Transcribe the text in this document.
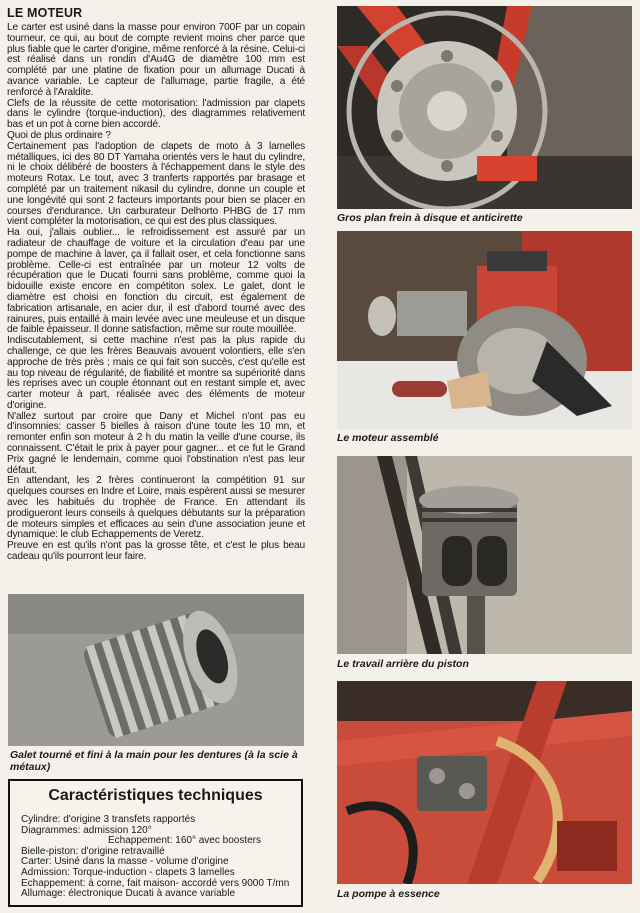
LE MOTEUR

Le carter est usiné dans la masse pour environ 700F par un copain tourneur, ce qui, au bout de compte revient moins cher parce que plus fiable que le carter d'origine, même renforcé à la résine. Celui-ci est réalisé dans un rondin d'Au4G de diamètre 100 mm est complété par une platine de fixation pour un allumage Ducati à avance variable. Le capteur de l'allumage, partie fragile, a été renforcé à l'Araldite.

Clefs de la réussite de cette motorisation: l'admission par clapets dans le cylindre (torque-induction), des diagrammes relativement bas et un pot à corne bien accordé.

Quoi de plus ordinaire ?

Certainement pas l'adoption de clapets de moto à 3 lamelles métalliques, ici des 80 DT Yamaha orientés vers le haut du cylindre, ni le choix délibéré de boosters à l'échappement dans le style des moteurs Rotax. Le tout, avec 3 tranferts rapportés par brasage et complété par un traitement nikasil du cylindre, donne un couple et une longévité qui sont 2 facteurs importants pour bien se placer en courses d'endurance. Un carburateur Delhorto PHBG de 17 mm vient compléter la motorisation, ce qui est des plus classiques.

Ha oui, j'allais oublier... le refroidissement est assuré par un radiateur de chauffage de voiture et la circulation d'eau par une pompe de machine à laver, ça il fallait oser, et cela fonctionne sans problème. Celle-ci est entraînée par un moteur 12 volts de récupération que le Ducati fourni sans problème, comme quoi la bidouille existe encore en compétiton solex. Le galet, dont le diamètre est choisi en fonction du circuit, est également de fabrication artisanale, en acier dur, il est d'abord tourné avec des rainures, puis entaillé à main levée avec une meuleuse et un disque de faible épaisseur. Il donne satisfaction, même sur route mouillée.

Indiscutablement, si cette machine n'est pas la plus rapide du challenge, ce que les frères Beauvais avouent volontiers, elle s'en approche de très près ; mais ce qui fait son succès, c'est qu'elle est au top niveau de régularité, de fiabilité et montre sa supériorité dans les reprises avec un couple étonnant out en restant simple et, avec carter moteur à part, réalisée avec des éléments de moteur d'origine.

N'allez surtout par croire que Dany et Michel n'ont pas eu d'insomnies: casser 5 bielles à raison d'une toute les 10 mn, et remonter enfin son moteur à 2 h du matin la veille d'une course, ils connaissent. C'était le prix à payer pour gagner... et ce fut le Grand Prix gagné le lendemain, comme quoi l'obstination n'est pas leur défaut.

En attendant, les 2 frères continueront la compétition 91 sur quelques courses en Indre et Loire, mais espèrent aussi se mesurer avec les habitués du trophée de France. En attendant ils prodigueront leurs conseils à quelques débutants sur la préparation de moteurs simples et efficaces au sein d'une association jeune et dynamique: le club Echappements de Veretz.

Preuve en est qu'ils n'ont pas la grosse tête, et c'est le plus beau cadeau qu'ils pourront leur faire.

Gros plan frein à disque et anticirette
Le moteur assemblé
Le travail arrière du piston
La pompe à essence
Galet tourné et fini à la main pour les dentures (à la scie à métaux)
Caractéristiques techniques
Cylindre: d'origine 3 transfets rapportés
Diagrammes: admission 120°
Echappement: 160° avec boosters
Bielle-piston: d'origine retravaillé
Carter: Usiné dans la masse - volume d'origine
Admission: Torque-induction - clapets 3 lamelles
Echappement: à corne, fait maison- accordé vers 9000 T/mn
Allumage: électronique Ducati à avance variable
